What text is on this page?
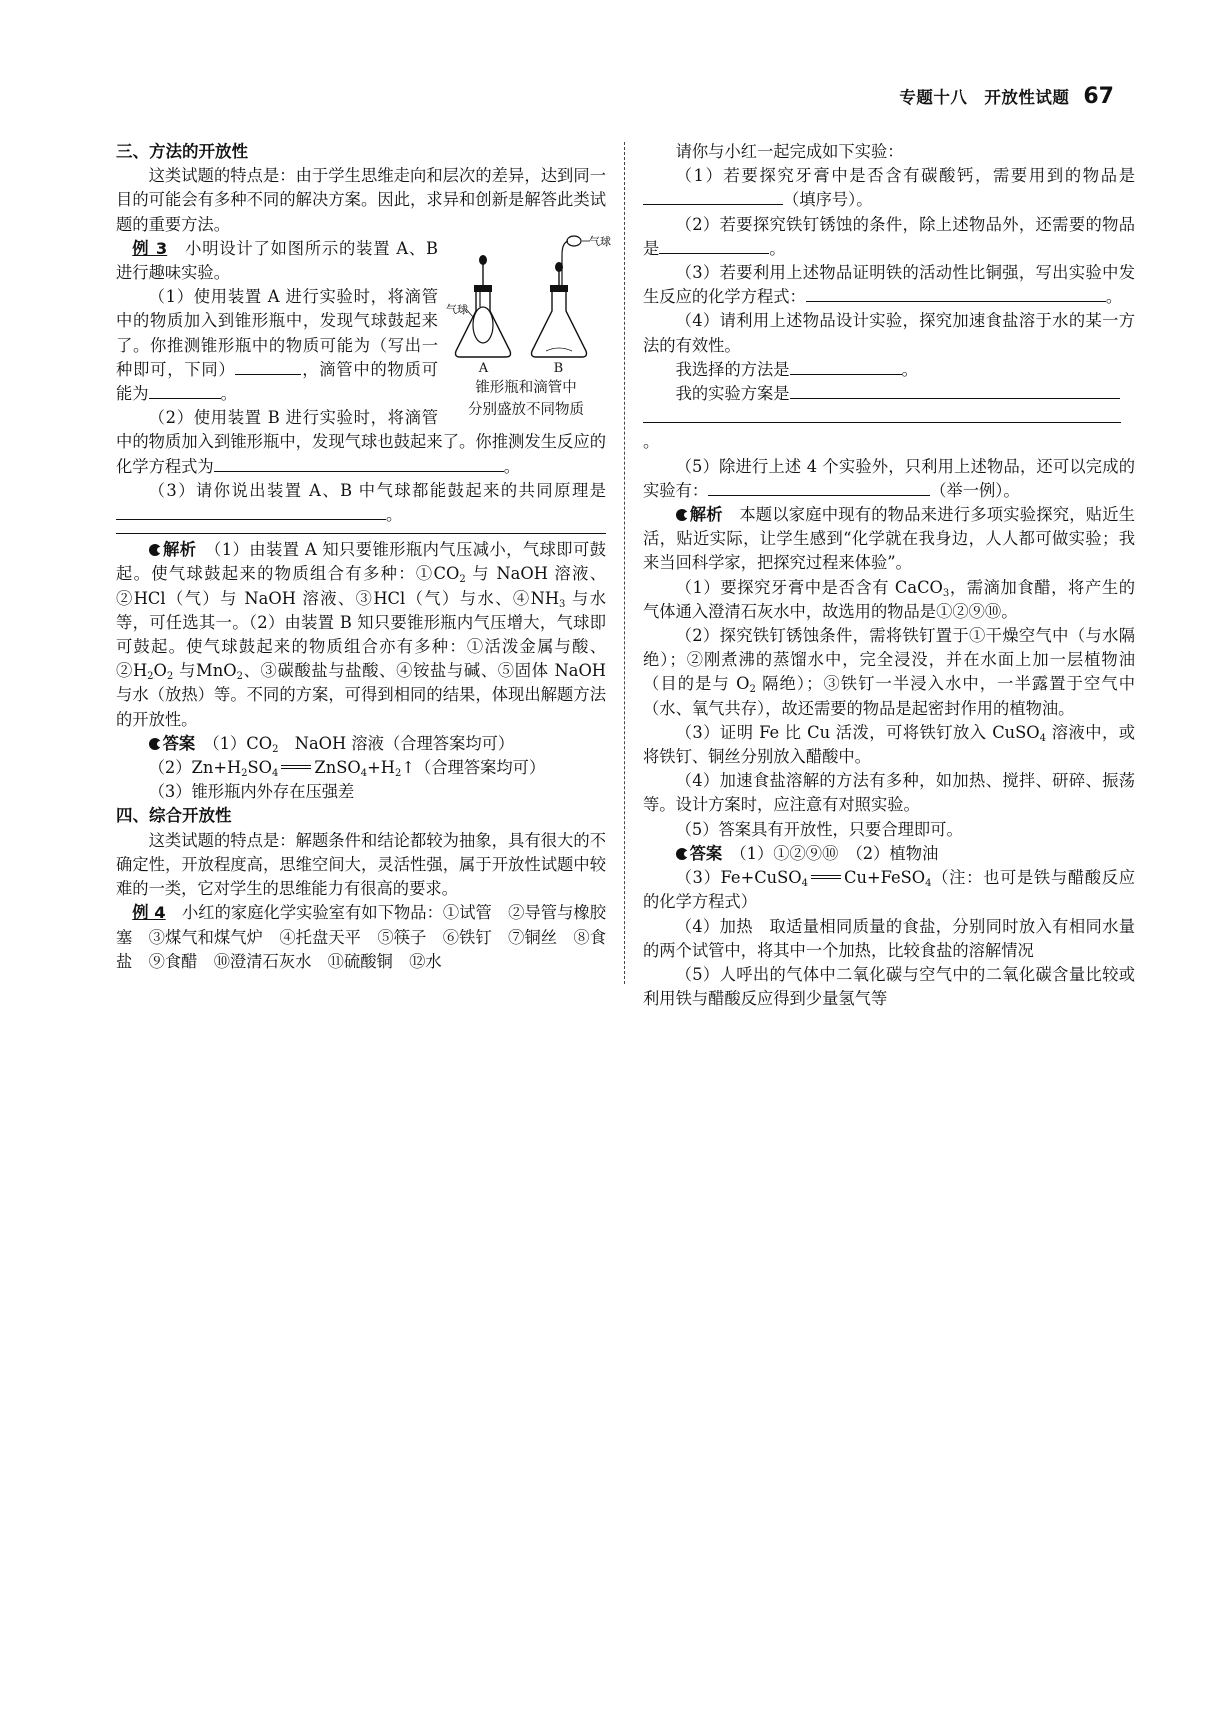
专题十八　开放性试题 67

三、方法的开放性

这类试题的特点是：由于学生思维走向和层次的差异，达到同一目的可能会有多种不同的解决方案。因此，求异和创新是解答此类试题的重要方法。

气球
气球
A	B
锥形瓶和滴管中
分别盛放不同物质

例 3　 小明设计了如图所示的装置 A、B 进行趣味实验。

（1）使用装置 A 进行实验时，将滴管中的物质加入到锥形瓶中，发现气球鼓起来了。你推测锥形瓶中的物质可能为（写出一种即可，下同）	，滴管中的物质可能为	。

（2）使用装置 B 进行实验时，将滴管中的物质加入到锥形瓶中，发现气球也鼓起来了。你推测发生反应的化学方程式为	。

（3）请你说出装置 A、B 中气球都能鼓起来的共同原理是。

解析　 （1）由装置 A 知只要锥形瓶内气压减小，气球即可鼓起。使气球鼓起来的物质组合有多种：$①CO_2$ 与 NaOH 溶液、②HCl（气）与 NaOH 溶液、③HCl（气）与水、$④NH_3$ 与水等，可任选其一。（2）由装置 B 知只要锥形瓶内气压增大，气球即可鼓起。使气球鼓起来的物质组合亦有多种：①活泼金属与酸、$②H_2O_2$ 与MnO$_2$、③碳酸盐与盐酸、④铵盐与碱、⑤固体 NaOH 与水（放热）等。不同的方案，可得到相同的结果，体现出解题方法的开放性。

答案　 $(1)CO_2$　NaOH 溶液（合理答案均可）

$(2)Zn+H_2SO_4$ $ZnSO_4+H_2↑$（合理答案均可）

（3）锥形瓶内外存在压强差

四、综合开放性

这类试题的特点是：解题条件和结论都较为抽象，具有很大的不确定性，开放程度高，思维空间大，灵活性强，属于开放性试题中较难的一类，它对学生的思维能力有很高的要求。

例 4　 小红的家庭化学实验室有如下物品：①试管　②导管与橡胶塞　③煤气和煤气炉　④托盘天平　⑤筷子　⑥铁钉　⑦铜丝　⑧食盐　⑨食醋　⑩澄清石灰水　⑪硫酸铜　⑫水

请你与小红一起完成如下实验：

（1）若要探究牙膏中是否含有碳酸钙，需要用到的物品是（填序号）。

（2）若要探究铁钉锈蚀的条件，除上述物品外，还需要的物品是	。

（3）若要利用上述物品证明铁的活动性比铜强，写出实验中发生反应的化学方程式：	。

（4）请利用上述物品设计实验，探究加速食盐溶于水的某一方法的有效性。

我选择的方法是	。

我的实验方案是

。

（5）除进行上述 4 个实验外，只利用上述物品，还可以完成的实验有：	（举一例）。

解析　 本题以家庭中现有的物品来进行多项实验探究，贴近生活，贴近实际，让学生感到“化学就在我身边，人人都可做实验；我来当回科学家，把探究过程来体验”。

（1）要探究牙膏中是否含有 CaCO$_3$，需滴加食醋，将产生的气体通入澄清石灰水中，故选用的物品是①②⑨⑩。

（2）探究铁钉锈蚀条件，需将铁钉置于①干燥空气中（与水隔绝）；②刚煮沸的蒸馏水中，完全浸没，并在水面上加一层植物油（目的是与 $O_2$ 隔绝）；③铁钉一半浸入水中，一半露置于空气中（水、氧气共存），故还需要的物品是起密封作用的植物油。

（3）证明 Fe 比 Cu 活泼，可将铁钉放入 CuSO$_4$ 溶液中，或将铁钉、铜丝分别放入醋酸中。

（4）加速食盐溶解的方法有多种，如加热、搅拌、研碎、振荡等。设计方案时，应注意有对照实验。

（5）答案具有开放性，只要合理即可。

答案　 （1）①②⑨⑩　（2）植物油

（3）Fe+CuSO$_4$ Cu+FeSO$_4$（注：也可是铁与醋酸反应的化学方程式）

（4）加热　取适量相同质量的食盐，分别同时放入有相同水量的两个试管中，将其中一个加热，比较食盐的溶解情况

（5）人呼出的气体中二氧化碳与空气中的二氧化碳含量比较或利用铁与醋酸反应得到少量氢气等
